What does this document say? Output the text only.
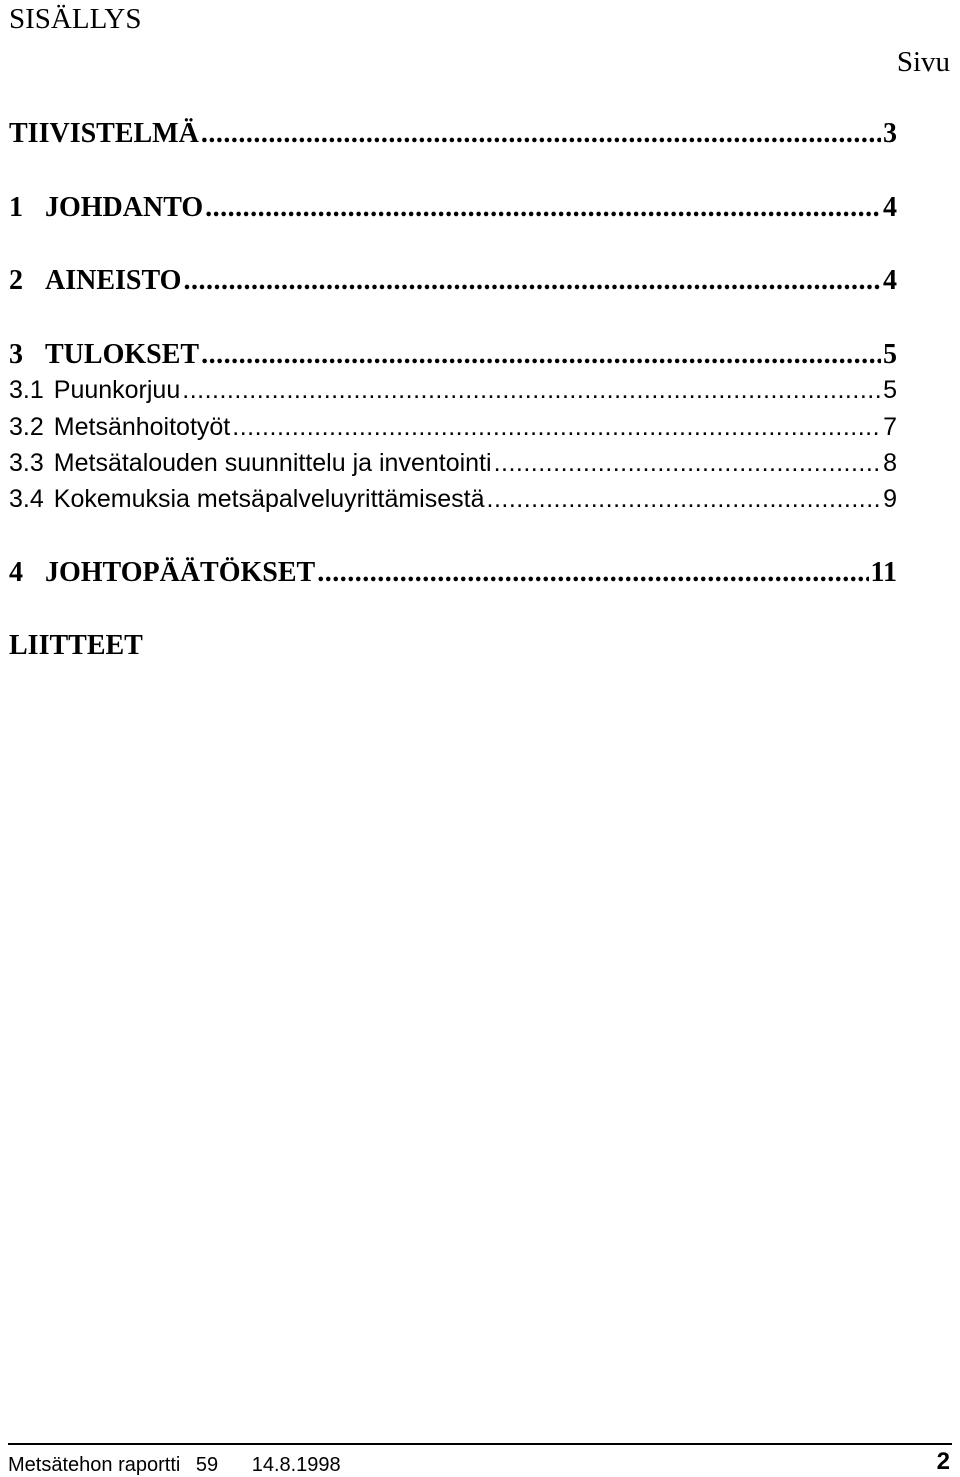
SISÄLLYS
Sivu
TIIVISTELMÄ .....	3
1 JOHDANTO .....	4
2 AINEISTO .....	4
3 TULOKSET .....	5
3.1 Puunkorjuu .....	5
3.2 Metsänhoitotyöt .....	7
3.3 Metsätalouden suunnittelu ja inventointi .....	8
3.4 Kokemuksia metsäpalveluyrittämisestä .....	9
4 JOHTOPÄÄTÖKSET .....	11
LIITTEET
Metsätehon raportti 59 14.8.1998	2
